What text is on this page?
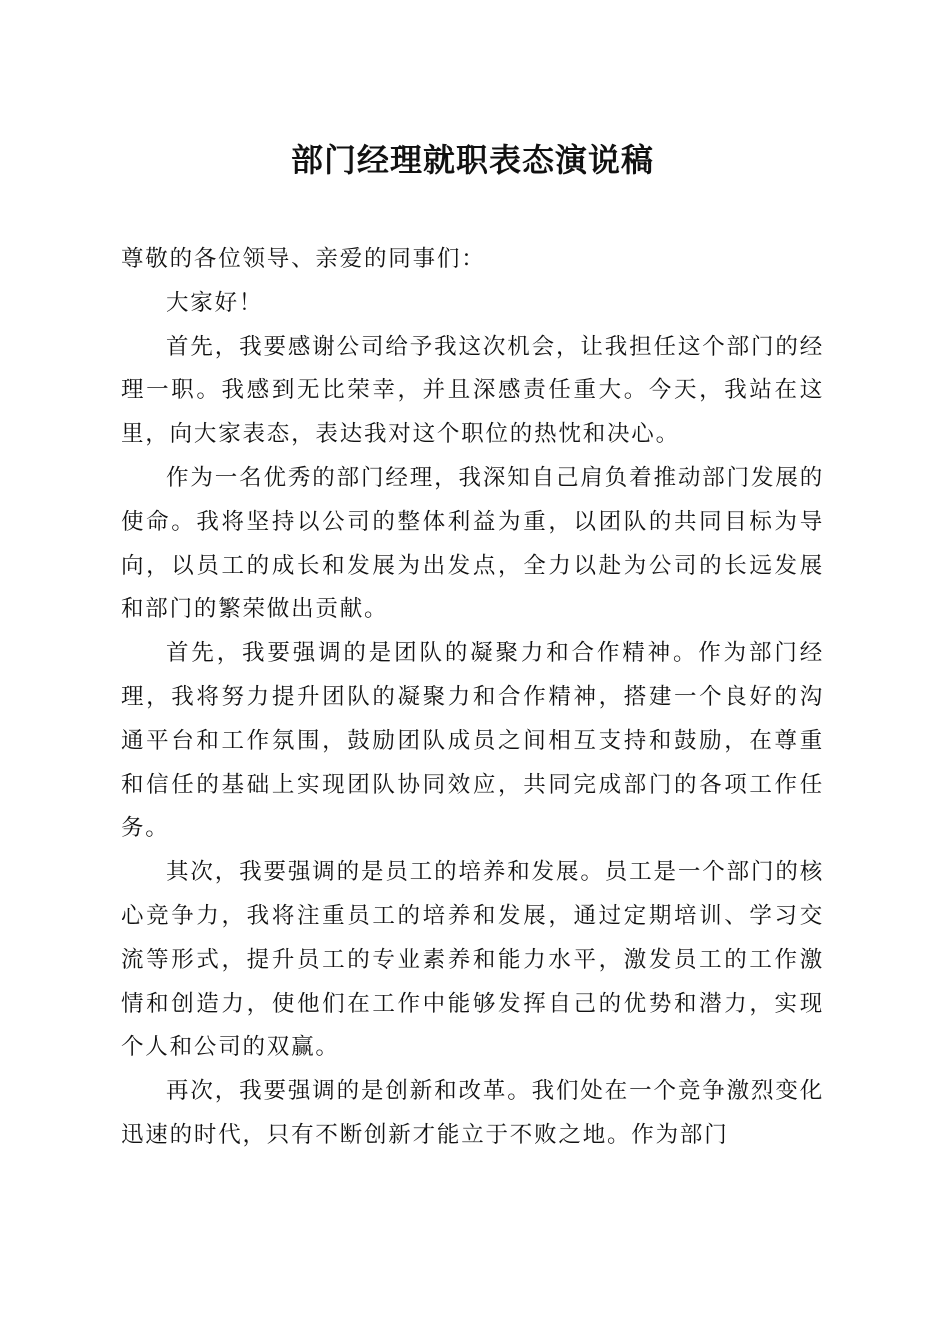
部门经理就职表态演说稿

尊敬的各位领导、亲爱的同事们：

大家好！

首先，我要感谢公司给予我这次机会，让我担任这个部门的经理一职。我感到无比荣幸，并且深感责任重大。今天，我站在这里，向大家表态，表达我对这个职位的热忱和决心。

作为一名优秀的部门经理，我深知自己肩负着推动部门发展的使命。我将坚持以公司的整体利益为重，以团队的共同目标为导向，以员工的成长和发展为出发点，全力以赴为公司的长远发展和部门的繁荣做出贡献。

首先，我要强调的是团队的凝聚力和合作精神。作为部门经理，我将努力提升团队的凝聚力和合作精神，搭建一个良好的沟通平台和工作氛围，鼓励团队成员之间相互支持和鼓励，在尊重和信任的基础上实现团队协同效应，共同完成部门的各项工作任务。

其次，我要强调的是员工的培养和发展。员工是一个部门的核心竞争力，我将注重员工的培养和发展，通过定期培训、学习交流等形式，提升员工的专业素养和能力水平，激发员工的工作激情和创造力，使他们在工作中能够发挥自己的优势和潜力，实现个人和公司的双赢。

再次，我要强调的是创新和改革。我们处在一个竞争激烈变化迅速的时代，只有不断创新才能立于不败之地。作为部门
